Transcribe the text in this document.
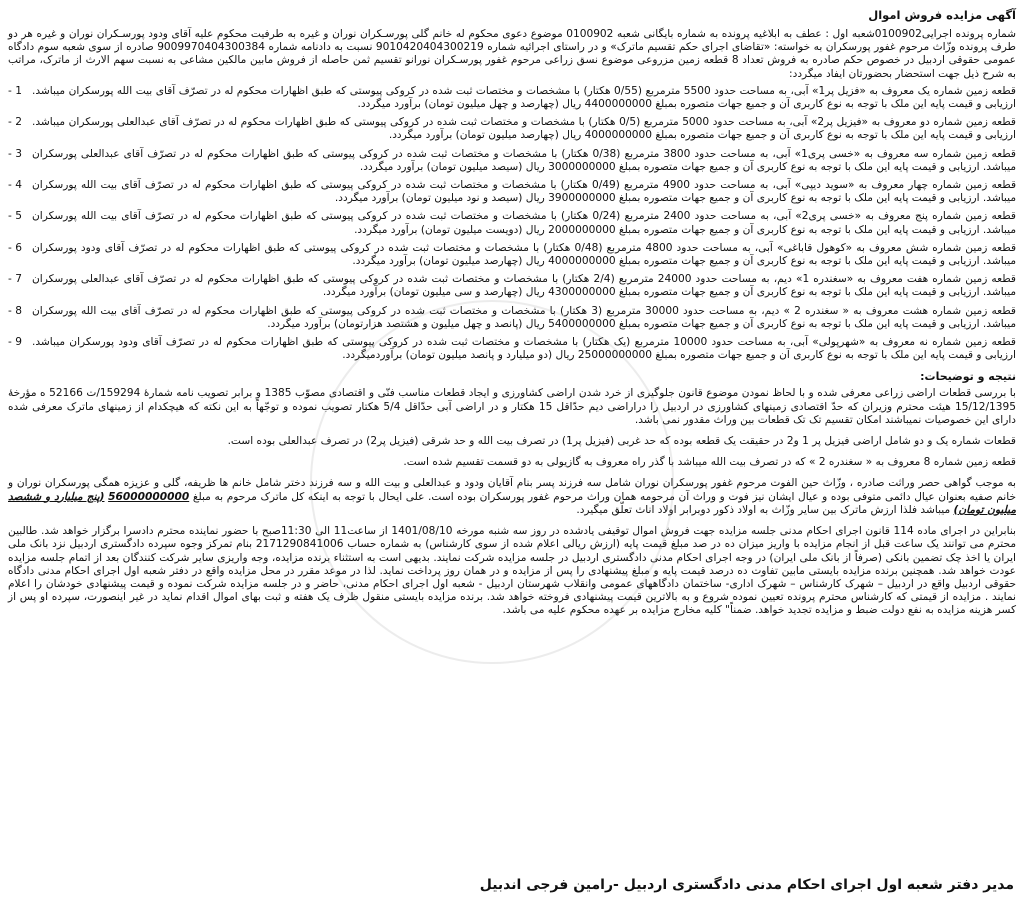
آگهی مزایده فروش اموال
شماره پرونده اجرایی0100902شعبه اول : عطف به ابلاغیه پرونده به شماره بایگانی شعبه 0100902 موضوع دعوی محکوم له خانم گلی پورسـکران نوران و غیره به طرفیت محکوم علیه آقای ودود پورسـکران نوران و غیره هر دو طرف پرونده وزّاث مرحوم غفور پورسکران به خواسته: «تقاضای اجرای حکم تقسیم ماترک» و در راستای اجرائیه شماره 9010420404300219 نسبت به دادنامه شماره 9009970404300384 صادره از سوی شعبه سوم دادگاه عمومی حقوقی اردبیل در خصوص حکم صادره به فروش تعداد 8 قطعه زمین مزروعی موضوع نسق زراعی مرحوم غفور پورسـکران نورانو تقسیم ثمن حاصله از فروش مابین مالکین مشاعی به نسبت سهم الارث از ماترک، مراتب به شرح ذیل جهت استحضار بحضورتان ایفاد میگردد:
قطعه زمین شماره یک معروف به «فزیل پر1» آبی، به مساحت حدود 5500 مترمربع (0/55 هکتار) با مشخصات و مختصات ثبت شده در کروکی پیوستی که طبق اظهارات محکوم له در تصرّف آقای بیت الله پورسکران میباشد. ارزیابی و قیمت پایه این ملک با توجه به نوع کاربری آن و جمیع جهات متصوره بمبلغ 4400000000 ریال (چهارصد و چهل میلیون تومان) برآورد میگردد.
1 -
قطعه زمین شماره دو معروف به «فیزیل پر2» آبی، به مساحت حدود 5000 مترمربع (0/5 هکتار) با مشخصات و مختصات ثبت شده در کروکی پیوستی که طبق اظهارات محکوم له در تصرّف آقای عبدالعلی پورسکران میباشد. ارزیابی و قیمت پایه این ملک با توجه به نوع کاربری آن و جمیع جهات متصوره بمبلغ 4000000000 ریال (چهارصد میلیون تومان) برآورد میگردد.
2 -
قطعه زمین شماره سه معروف به «خسی پری1» آبی، به مساحت حدود 3800 مترمربع (0/38 هکتار) با مشخصات و مختصات ثبت شده در کروکی پیوستی که طبق اظهارات محکوم له در تصرّف آقای عبدالعلی پورسکران میباشد. ارزیابی و قیمت پایه این ملک با توجه به نوع کاربری آن و جمیع جهات متصوره بمبلغ 3000000000 ریال (سیصد میلیون تومان) برآورد میگردد.
3 -
قطعه زمین شماره چهار معروف به «سوید دیپی» آبی، به مساحت حدود 4900 مترمربع (0/49 هکتار) با مشخصات و مختصات ثبت شده در کروکی پیوستی که طبق اظهارات محکوم له در تصرّف آقای بیت الله پورسکران میباشد. ارزیابی و قیمت پایه این ملک با توجه به نوع کاربری آن و جمیع جهات متصوره بمبلغ 3900000000 ریال (سیصد و نود میلیون تومان) برآورد میگردد.
4 -
قطعه زمین شماره پنج معروف به «خسی پری2» آبی، به مساحت حدود 2400 مترمربع (0/24 هکتار) با مشخصات و مختصات ثبت شده در کروکی پیوستی که طبق اظهارات محکوم له در تصرّف آقای بیت الله پورسکران میباشد. ارزیابی و قیمت پایه این ملک با توجه به نوع کاربری آن و جمیع جهات متصوره بمبلغ 2000000000 ریال (دویست میلیون تومان) برآورد میگردد.
5 -
قطعه زمین شماره شش معروف به «کوهول قاباغی» آبی، به مساحت حدود 4800 مترمربع (0/48 هکتار) با مشخصات و مختصات ثبت شده در کروکی پیوستی که طبق اظهارات محکوم له در تصرّف آقای ودود پورسکران میباشد. ارزیابی و قیمت پایه این ملک با توجه به نوع کاربری آن و جمیع جهات متصوره بمبلغ 4000000000 ریال (چهارصد میلیون تومان) برآورد میگردد.
6 -
قطعه زمین شماره هفت معروف به «سغندره 1» دیم، به مساحت حدود 24000 مترمربع (2/4 هکتار) با مشخصات و مختصات ثبت شده در کروکی پیوستی که طبق اظهارات محکوم له در تصرّف آقای عبدالعلی پورسکران میباشد. ارزیابی و قیمت پایه این ملک با توجه به نوع کاربری آن و جمیع جهات متصوره بمبلغ 4300000000 ریال (چهارصد و سی میلیون تومان) برآورد میگردد.
7 -
قطعه زمین شماره هشت معروف به « سغندره 2 » دیم، به مساحت حدود 30000 مترمربع (3 هکتار) با مشخصات و مختصات ثبت شده در کروکی پیوستی که طبق اظهارات محکوم له در تصرّف آقای بیت الله پورسکران میباشد. ارزیابی و قیمت پایه این ملک با توجه به نوع کاربری آن و جمیع جهات متصوره بمبلغ 5400000000 ریال (پانصد و چهل میلیون و هشتصد هزارتومان) برآورد میگردد.
8 -
قطعه زمین شماره نه معروف به «شهرپولی» آبی، به مساحت حدود 10000 مترمربع (یک هکتار) با مشخصات و مختصات ثبت شده در کروکی پیوستی که طبق اظهارات محکوم له در تصرّف آقای ودود پورسکران میباشد. ارزیابی و قیمت پایه این ملک با توجه به نوع کاربری آن و جمیع جهات متصوره بمبلغ 25000000000 ریال (دو میلیارد و پانصد میلیون تومان) برآوردمیگردد.
9 -
نتیجه و توضیحات:
با بررسی قطعات اراضی زراعی معرفی شده و با لحاظ نمودن موضوع قانون جلوگیری از خرد شدن اراضی کشاورزی و ایجاد قطعات مناسب فنّی و اقتصادی مصوّب 1385 و برابر تصویب نامه شمارهٔ 159294/ت 52166 ه مؤرخهٔ 15/12/1395 هیئت محترم وزیران که حدّ اقتصادی زمینهای کشاورزی در اردبیل را دراراضی دیم حدّاقل 15 هکتار و در اراضی آبی حدّاقل 5/4 هکتار تصویب نموده و توجّهاً به این نکته که هیچکدام از زمینهای ماترک معرفی شده دارای این خصوصیات نمیباشند امکان تقسیم تک تک قطعات بین وراث مقدور نمی باشد.
قطعات شماره یک و دو شامل اراضی فیزیل پر 1 و2 در حقیقت یک قطعه بوده که حد غربی (فیزیل پر1) در تصرف بیت الله و حد شرقی (فیزیل پر2) در تصرف عبدالعلی بوده است.
قطعه زمین شماره 8 معروف به « سغندره 2 » که در تصرف بیت الله میباشد با گذر راه معروف به گازیولی به دو قسمت تقسیم شده است.
به موجب گواهی حصر وراثت صادره ، وزّاث حین الفوت مرحوم غفور پورسکران نوران شامل سه فرزند پسر بنام آقایان ودود و عبدالعلی و بیت الله و سه فرزند دختر شامل خانم ها ظریفه، گلی و عزیزه همگی پورسکران نوران و خانم صفیه بعنوان عیال دائمی متوفی بوده و عیال ایشان نیز فوت و وراث آن مرحومه همان وراث مرحوم غفور پورسکران بوده است. علی ایحال با توجه به اینکه کل ماترک مرحوم به مبلغ 56000000000 (پنج میلیارد و ششصد میلیون تومان) میباشد فلذا ارزش ماترک بین سایر وزّاث به اولاد ذکور دوبرابر اولاد اناث تعلّق میگیرد.
بنابراین در اجرای ماده 114 قانون اجرای احکام مدنی جلسه مزایده جهت فروش اموال توقیفی یادشده در روز سه شنبه مورخه 1401/08/10 از ساعت11 الی 11:30صبح با حضور نماینده محترم دادسرا برگزار خواهد شد. طالبین محترم می توانند یک ساعت قبل از انجام مزایده با واریز میزان ده در صد مبلغ قیمت پایه (ارزش ریالی اعلام شده از سوی کارشناس) به شماره حساب 2171290841006 بنام تمرکز وجوه سپرده دادگستری اردبیل نزد بانک ملی ایران یا اخذ چک تضمین بانکی (صرفاً از بانک ملی ایران) در وجه اجرای احکام مدنی دادگستری اردبیل در جلسه مزایده شرکت نمایند. بدیهی است به استثناء برنده مزایده، وجه واریزی سایر شرکت کنندگان بعد از اتمام جلسه مزایده عودت خواهد شد. همچنین برنده مزایده بایستی مابین تفاوت ده درصد قیمت پایه و مبلغ پیشنهادی را پس از مزایده و در همان روز پرداخت نماید. لذا در موعد مقرر در محل مزایده واقع در دفتر شعبه اول اجرای احکام مدنی دادگاه حقوقی اردبیل واقع در اردبیل – شهرک کارشناس – شهرک اداری- ساختمان دادگاههای عمومی وانقلاب شهرستان اردبیل - شعبه اول اجرای احکام مدنی، حاضر و در جلسه مزایده شرکت نموده و قیمت پیشنهادی خودشان را اعلام نمایند . مزایده از قیمتی که کارشناس محترم پرونده تعیین نموده شروع و به بالاترین قیمت پیشنهادی فروخته خواهد شد. برنده مزایده بایستی منقول ظرف یک هفته و ثبت بهای اموال اقدام نماید در غیر اینصورت، سپرده او پس از کسر هزینه مزایده به نفع دولت ضبط و مزایده تجدید خواهد. ضمناً" کلیه مخارج مزایده بر عهده محکوم علیه می باشد.
مدیر دفتر شعبه اول اجرای احکام مدنی دادگستری اردبیل -رامین فرجی اندبیل
